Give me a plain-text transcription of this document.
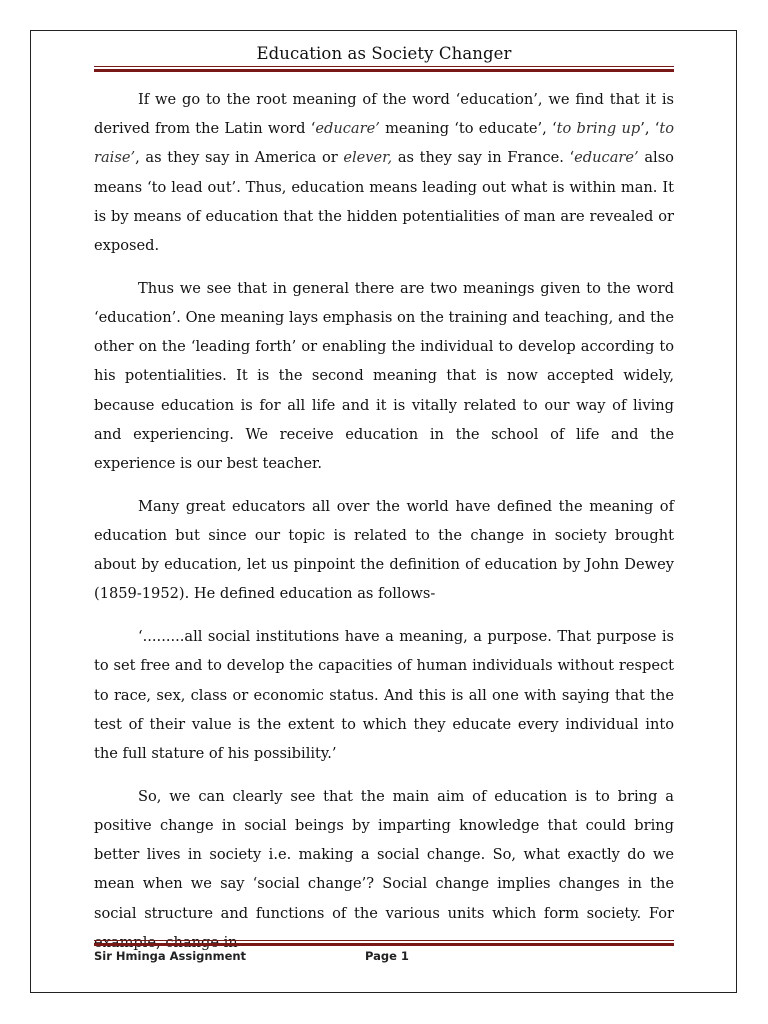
Education as Society Changer

If we go to the root meaning of the word ‘education’, we find that it is derived from the Latin word ‘educare’ meaning ‘to educate’, ‘to bring up’, ‘to raise’, as they say in America or elever, as they say in France. ‘educare’ also means ‘to lead out’. Thus, education means leading out what is within man. It is by means of education that the hidden potentialities of man are revealed or exposed.

Thus we see that in general there are two meanings given to the word ‘education’. One meaning lays emphasis on the training and teaching, and the other on the ‘leading forth’ or enabling the individual to develop according to his potentialities. It is the second meaning that is now accepted widely, because education is for all life and it is vitally related to our way of living and experiencing. We receive education in the school of life and the experience is our best teacher.

Many great educators all over the world have defined the meaning of education but since our topic is related to the change in society brought about by education, let us pinpoint the definition of education by John Dewey (1859-1952). He defined education as follows-

‘.........all social institutions have a meaning, a purpose. That purpose is to set free and to develop the capacities of human individuals without respect to race, sex, class or economic status. And this is all one with saying that the test of their value is the extent to which they educate every individual into the full stature of his possibility.’

So, we can clearly see that the main aim of education is to bring a positive change in social beings by imparting knowledge that could bring better lives in society i.e. making a social change. So, what exactly do we mean when we say ‘social change’? Social change implies changes in the social structure and functions of the various units which form society. For

Sir Hminga Assignment	Page 1
